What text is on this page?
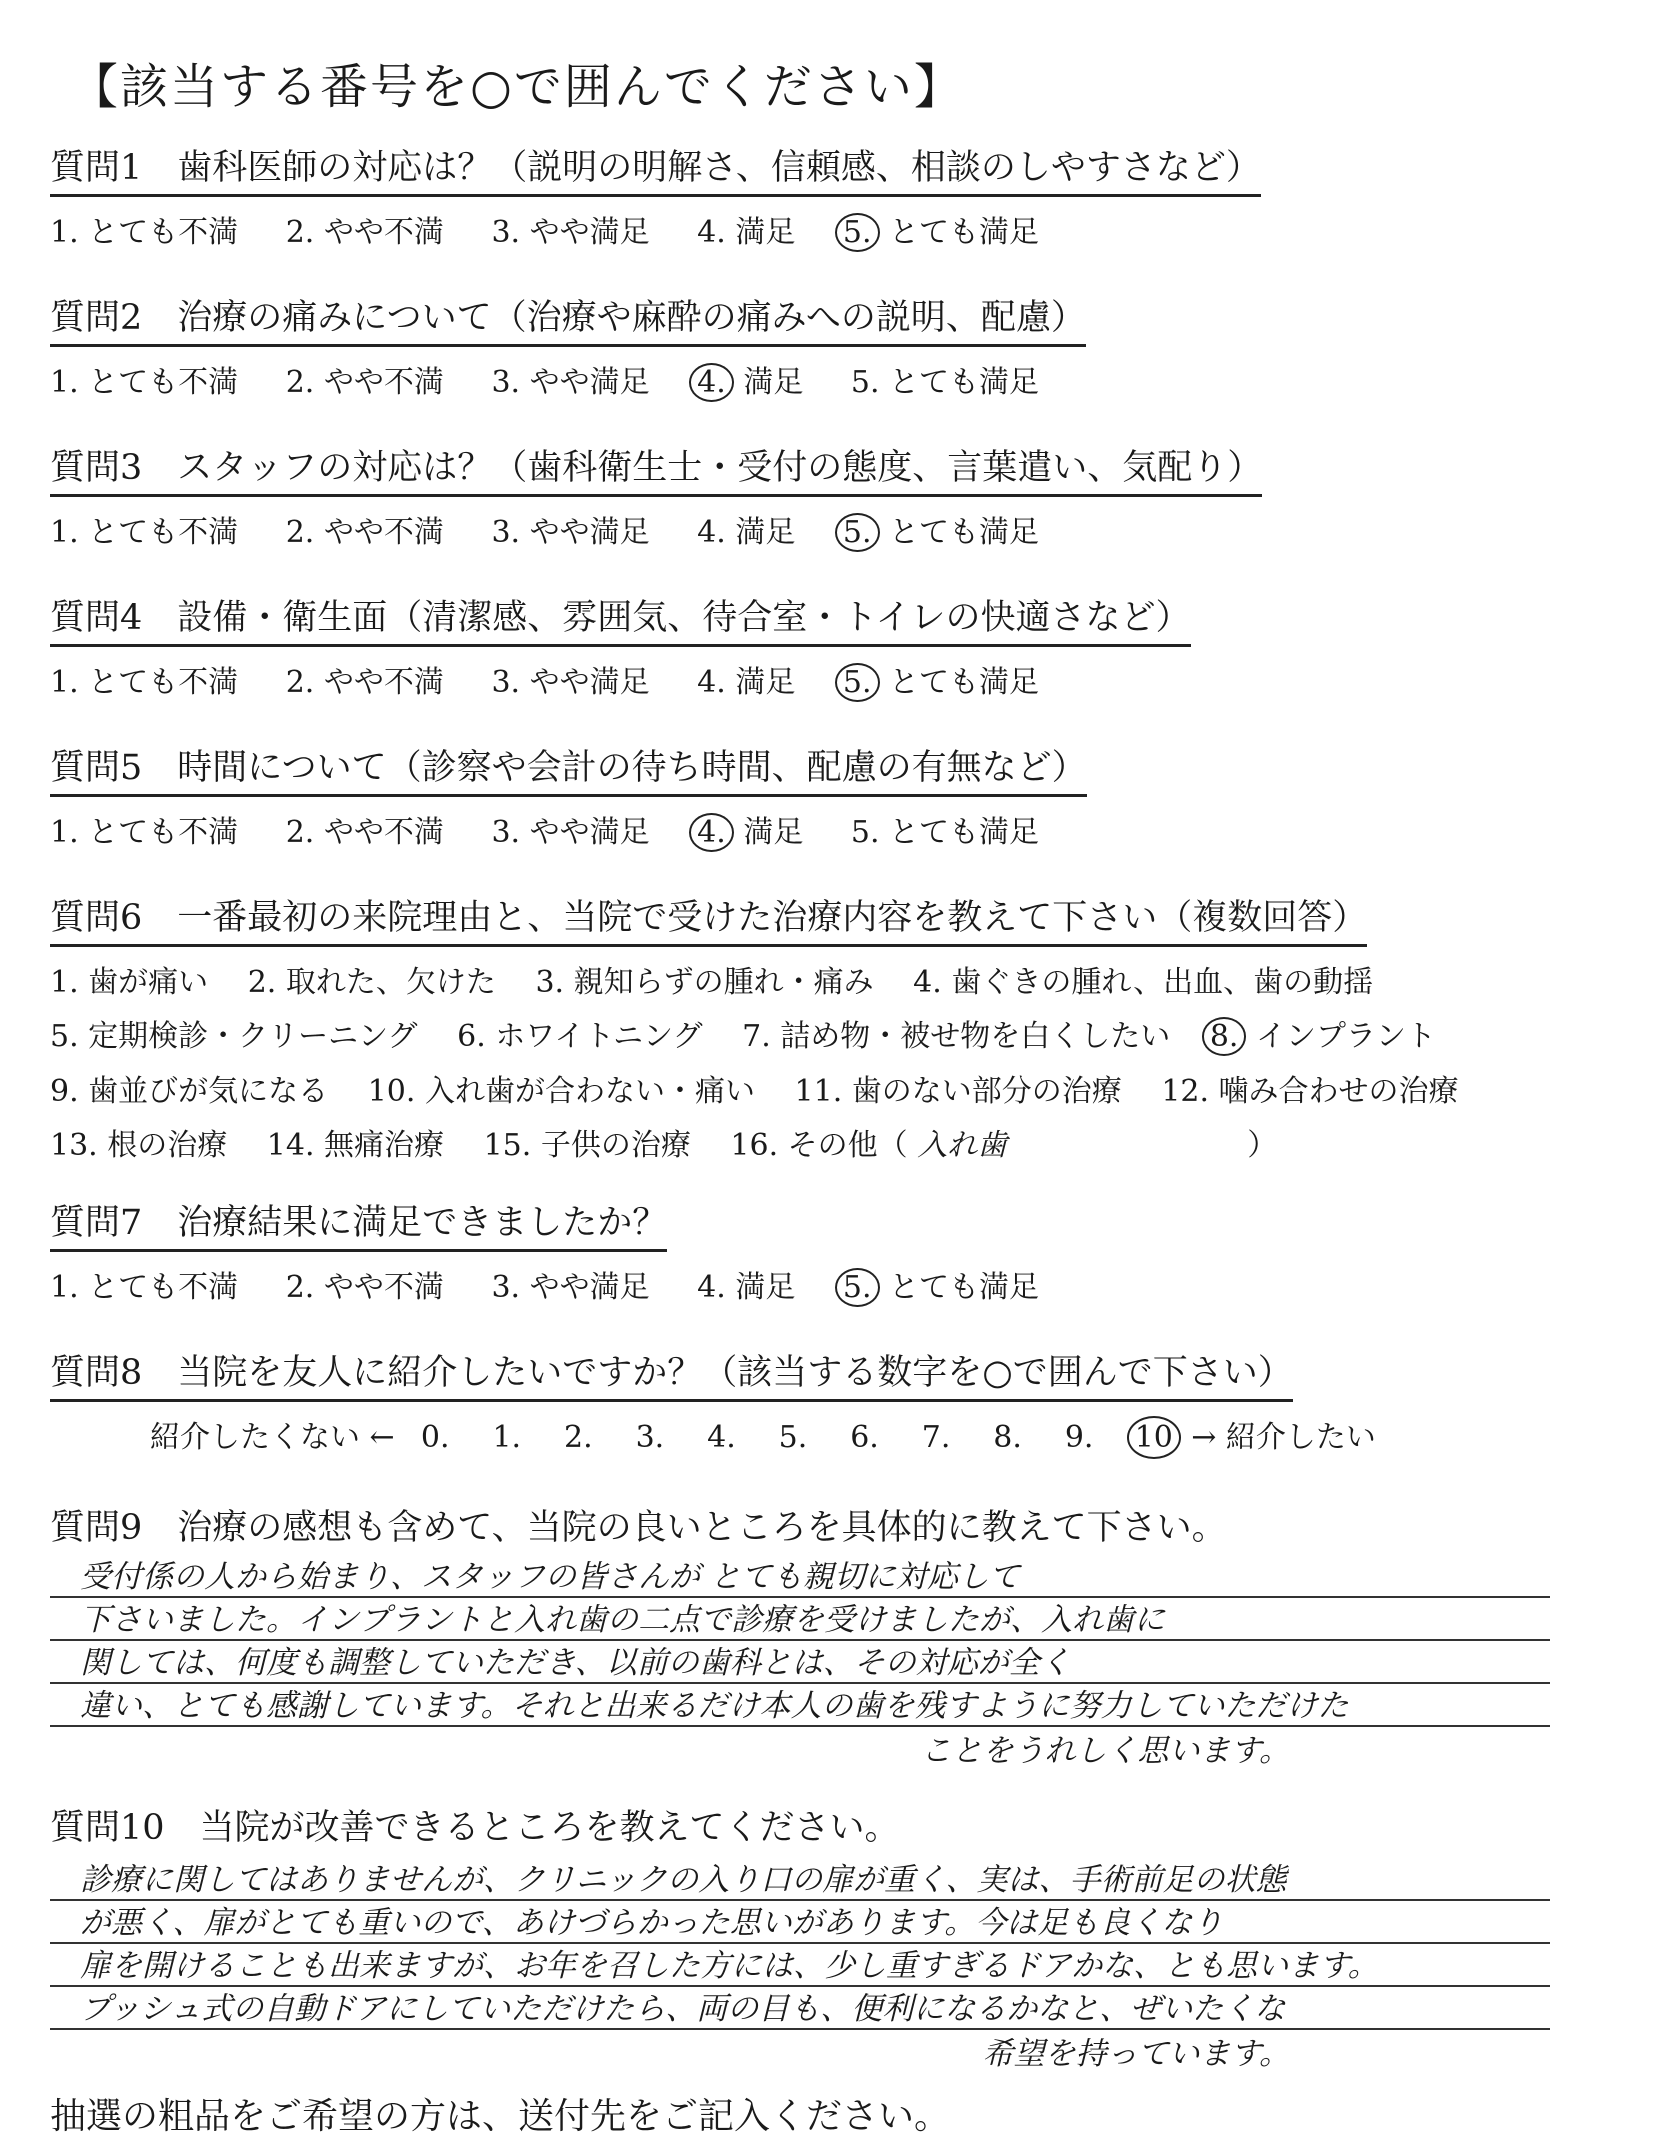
【該当する番号を○で囲んでください】
質問1　歯科医師の対応は？（説明の明解さ、信頼感、相談のしやすさなど）
1. とても不満 2. やや不満 3. やや満足 4. 満足 5. とても満足
質問2　治療の痛みについて（治療や麻酔の痛みへの説明、配慮）
1. とても不満 2. やや不満 3. やや満足 4. 満足 5. とても満足
質問3　スタッフの対応は？（歯科衛生士・受付の態度、言葉遣い、気配り）
1. とても不満 2. やや不満 3. やや満足 4. 満足 5. とても満足
質問4　設備・衛生面（清潔感、雰囲気、待合室・トイレの快適さなど）
1. とても不満 2. やや不満 3. やや満足 4. 満足 5. とても満足
質問5　時間について（診察や会計の待ち時間、配慮の有無など）
1. とても不満 2. やや不満 3. やや満足 4. 満足 5. とても満足
質問6　一番最初の来院理由と、当院で受けた治療内容を教えて下さい（複数回答）
1. 歯が痛い 2. 取れた、欠けた 3. 親知らずの腫れ・痛み 4. 歯ぐきの腫れ、出血、歯の動揺
5. 定期検診・クリーニング 6. ホワイトニング 7. 詰め物・被せ物を白くしたい 8. インプラント
9. 歯並びが気になる 10. 入れ歯が合わない・痛い 11. 歯のない部分の治療 12. 噛み合わせの治療
13. 根の治療 14. 無痛治療 15. 子供の治療 16. その他（ 入れ歯	）
質問7　治療結果に満足できましたか？
1. とても不満 2. やや不満 3. やや満足 4. 満足 5. とても満足
質問8　当院を友人に紹介したいですか？（該当する数字を○で囲んで下さい）
紹介したくない ← 0. 1. 2. 3. 4. 5. 6. 7. 8. 9. 10 → 紹介したい
質問9　治療の感想も含めて、当院の良いところを具体的に教えて下さい。
受付係の人から始まり、スタッフの皆さんが とても親切に対応して
下さいました。インプラントと入れ歯の二点で診療を受けましたが、入れ歯に
関しては、何度も調整していただき、以前の歯科とは、その対応が全く
違い、とても感謝しています。それと出来るだけ本人の歯を残すように努力していただけた
ことをうれしく思います。
質問10　当院が改善できるところを教えてください。
診療に関してはありませんが、クリニックの入り口の扉が重く、実は、手術前足の状態
が悪く、扉がとても重いので、あけづらかった思いがあります。今は足も良くなり
扉を開けることも出来ますが、お年を召した方には、少し重すぎるドアかな、とも思います。
プッシュ式の自動ドアにしていただけたら、両の目も、便利になるかなと、ぜいたくな
希望を持っています。
抽選の粗品をご希望の方は、送付先をご記入ください。
